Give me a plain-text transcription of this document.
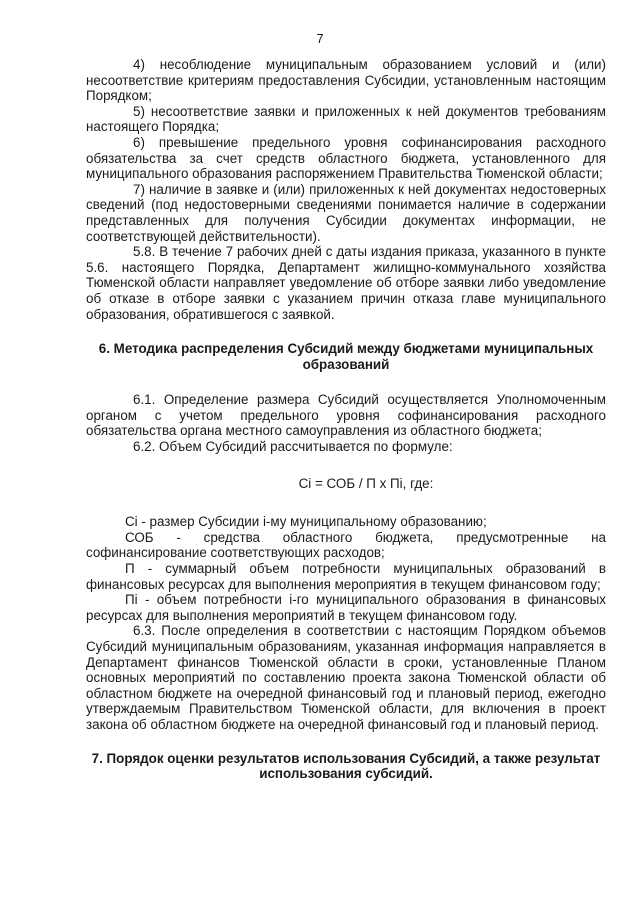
7

4) несоблюдение муниципальным образованием условий и (или) несоответствие критериям предоставления Субсидии, установленным настоящим Порядком;

5) несоответствие заявки и приложенных к ней документов требованиям настоящего Порядка;

6) превышение предельного уровня софинансирования расходного обязательства за счет средств областного бюджета, установленного для муниципального образования распоряжением Правительства Тюменской области;

7) наличие в заявке и (или) приложенных к ней документах недостоверных сведений (под недостоверными сведениями понимается наличие в содержании представленных для получения Субсидии документах информации, не соответствующей действительности).

5.8. В течение 7 рабочих дней с даты издания приказа, указанного в пункте 5.6. настоящего Порядка, Департамент жилищно-коммунального хозяйства Тюменской области направляет уведомление об отборе заявки либо уведомление об отказе в отборе заявки с указанием причин отказа главе муниципального образования, обратившегося с заявкой.

6. Методика распределения Субсидий между бюджетами муниципальных образований

6.1. Определение размера Субсидий осуществляется Уполномоченным органом с учетом предельного уровня софинансирования расходного обязательства органа местного самоуправления из областного бюджета;

6.2. Объем Субсидий рассчитывается по формуле:

Ci = СОБ / П x Пi, где:

Ci - размер Субсидии i-му муниципальному образованию;

СОБ - средства областного бюджета, предусмотренные на софинансирование соответствующих расходов;

П - суммарный объем потребности муниципальных образований в финансовых ресурсах для выполнения мероприятия в текущем финансовом году;

Пi - объем потребности i-го муниципального образования в финансовых ресурсах для выполнения мероприятий в текущем финансовом году.

6.3. После определения в соответствии с настоящим Порядком объемов Субсидий муниципальным образованиям, указанная информация направляется в Департамент финансов Тюменской области в сроки, установленные Планом основных мероприятий по составлению проекта закона Тюменской области об областном бюджете на очередной финансовый год и плановый период, ежегодно утверждаемым Правительством Тюменской области, для включения в проект закона об областном бюджете на очередной финансовый год и плановый период.

7. Порядок оценки результатов использования Субсидий, а также результат использования субсидий.
